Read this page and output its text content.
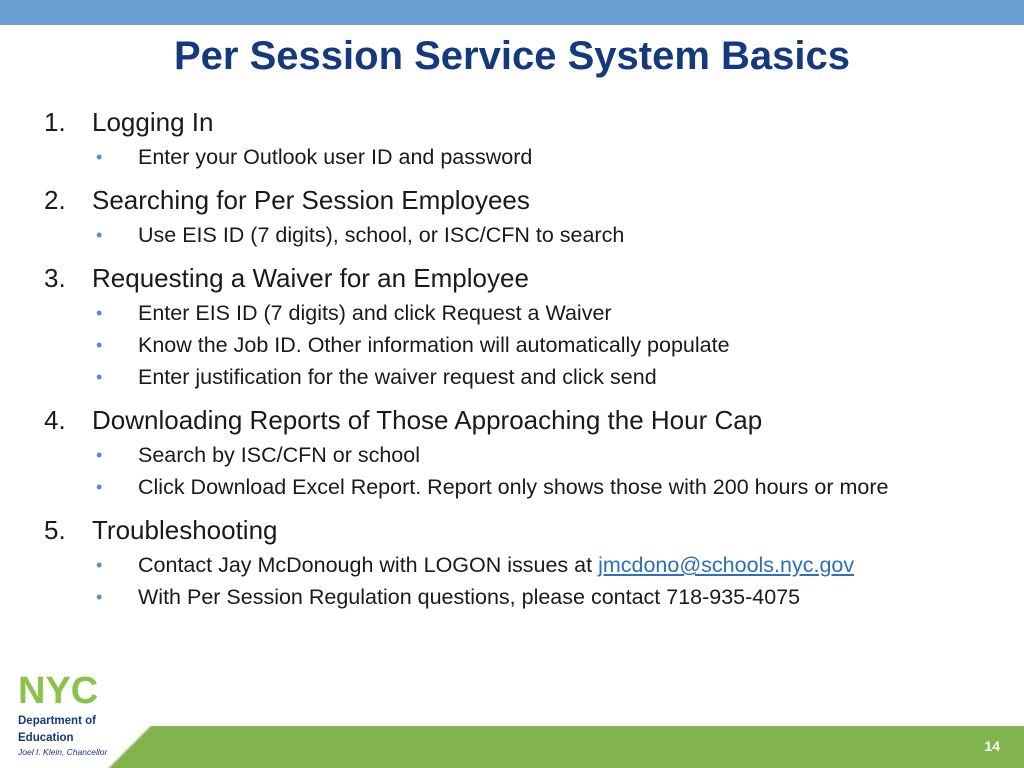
Per Session Service System Basics
1.	Logging In
•	Enter your Outlook user ID and password
2.	Searching for Per Session Employees
•	Use EIS ID (7 digits), school, or ISC/CFN to search
3.	Requesting a Waiver for an Employee
•	Enter EIS ID (7 digits) and click Request a Waiver
•	Know the Job ID. Other information will automatically populate
•	Enter justification for the waiver request and click send
4.	Downloading Reports of Those Approaching the Hour Cap
•	Search by ISC/CFN or school
•	Click Download Excel Report. Report only shows those with 200 hours or more
5.	Troubleshooting
•	Contact Jay McDonough with LOGON issues at jmcdono@schools.nyc.gov
•	With Per Session Regulation questions, please contact 718-935-4075
NYC
Department of
Education
Joel I. Klein, Chancellor	14
